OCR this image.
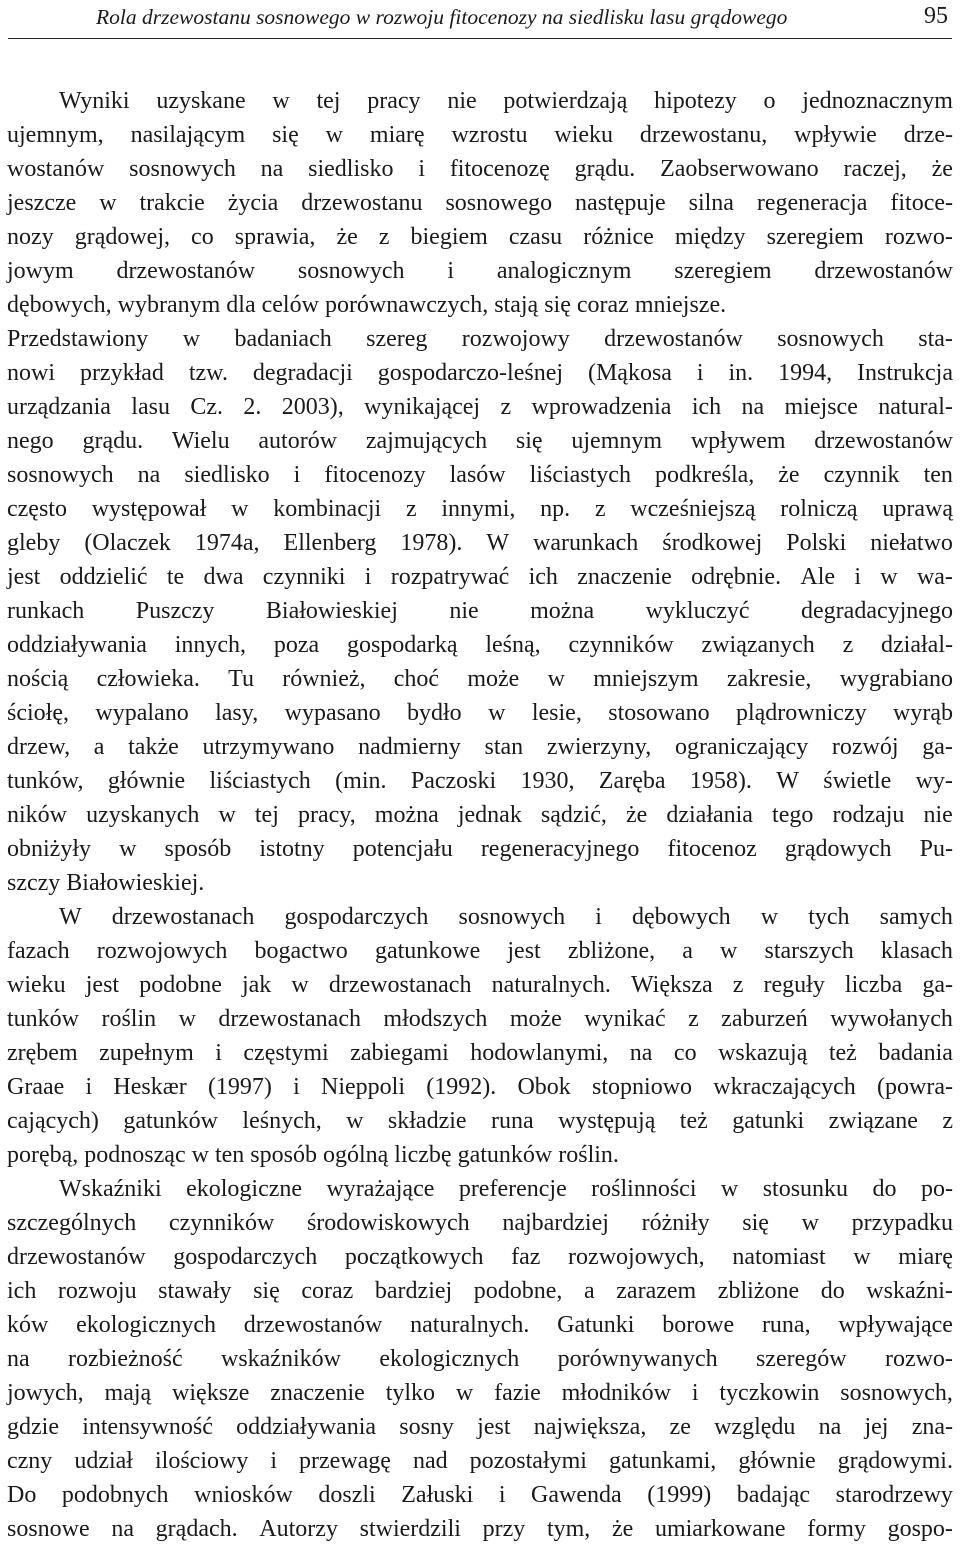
Rola drzewostanu sosnowego w rozwoju fitocenozy na siedlisku lasu grądowego	95
Wyniki uzyskane w tej pracy nie potwierdzają hipotezy o jednoznacznym
ujemnym, nasilającym się w miarę wzrostu wieku drzewostanu, wpływie drze-
wostanów sosnowych na siedlisko i fitocenozę grądu. Zaobserwowano raczej, że
jeszcze w trakcie życia drzewostanu sosnowego następuje silna regeneracja fitoce-
nozy grądowej, co sprawia, że z biegiem czasu różnice między szeregiem rozwo-
jowym drzewostanów sosnowych i analogicznym szeregiem drzewostanów
dębowych, wybranym dla celów porównawczych, stają się coraz mniejsze.
Przedstawiony w badaniach szereg rozwojowy drzewostanów sosnowych sta-
nowi przykład tzw. degradacji gospodarczo-leśnej (Mąkosa i in. 1994, Instrukcja
urządzania lasu Cz. 2. 2003), wynikającej z wprowadzenia ich na miejsce natural-
nego grądu. Wielu autorów zajmujących się ujemnym wpływem drzewostanów
sosnowych na siedlisko i fitocenozy lasów liściastych podkreśla, że czynnik ten
często występował w kombinacji z innymi, np. z wcześniejszą rolniczą uprawą
gleby (Olaczek 1974a, Ellenberg 1978). W warunkach środkowej Polski niełatwo
jest oddzielić te dwa czynniki i rozpatrywać ich znaczenie odrębnie. Ale i w wa-
runkach Puszczy Białowieskiej nie można wykluczyć degradacyjnego
oddziaływania innych, poza gospodarką leśną, czynników związanych z działal-
nością człowieka. Tu również, choć może w mniejszym zakresie, wygrabiano
ściołę, wypalano lasy, wypasano bydło w lesie, stosowano plądrowniczy wyrąb
drzew, a także utrzymywano nadmierny stan zwierzyny, ograniczający rozwój ga-
tunków, głównie liściastych (min. Paczoski 1930, Zaręba 1958). W świetle wy-
ników uzyskanych w tej pracy, można jednak sądzić, że działania tego rodzaju nie
obniżyły w sposób istotny potencjału regeneracyjnego fitocenoz grądowych Pu-
szczy Białowieskiej.
W drzewostanach gospodarczych sosnowych i dębowych w tych samych
fazach rozwojowych bogactwo gatunkowe jest zbliżone, a w starszych klasach
wieku jest podobne jak w drzewostanach naturalnych. Większa z reguły liczba ga-
tunków roślin w drzewostanach młodszych może wynikać z zaburzeń wywołanych
zrębem zupełnym i częstymi zabiegami hodowlanymi, na co wskazują też badania
Graae i Heskær (1997) i Nieppoli (1992). Obok stopniowo wkraczających (powra-
cających) gatunków leśnych, w składzie runa występują też gatunki związane z
porębą, podnosząc w ten sposób ogólną liczbę gatunków roślin.
Wskaźniki ekologiczne wyrażające preferencje roślinności w stosunku do po-
szczególnych czynników środowiskowych najbardziej różniły się w przypadku
drzewostanów gospodarczych początkowych faz rozwojowych, natomiast w miarę
ich rozwoju stawały się coraz bardziej podobne, a zarazem zbliżone do wskaźni-
ków ekologicznych drzewostanów naturalnych. Gatunki borowe runa, wpływające
na rozbieżność wskaźników ekologicznych porównywanych szeregów rozwo-
jowych, mają większe znaczenie tylko w fazie młodników i tyczkowin sosnowych,
gdzie intensywność oddziaływania sosny jest największa, ze względu na jej zna-
czny udział ilościowy i przewagę nad pozostałymi gatunkami, głównie grądowymi.
Do podobnych wniosków doszli Załuski i Gawenda (1999) badając starodrzewy
sosnowe na grądach. Autorzy stwierdzili przy tym, że umiarkowane formy gospo-
